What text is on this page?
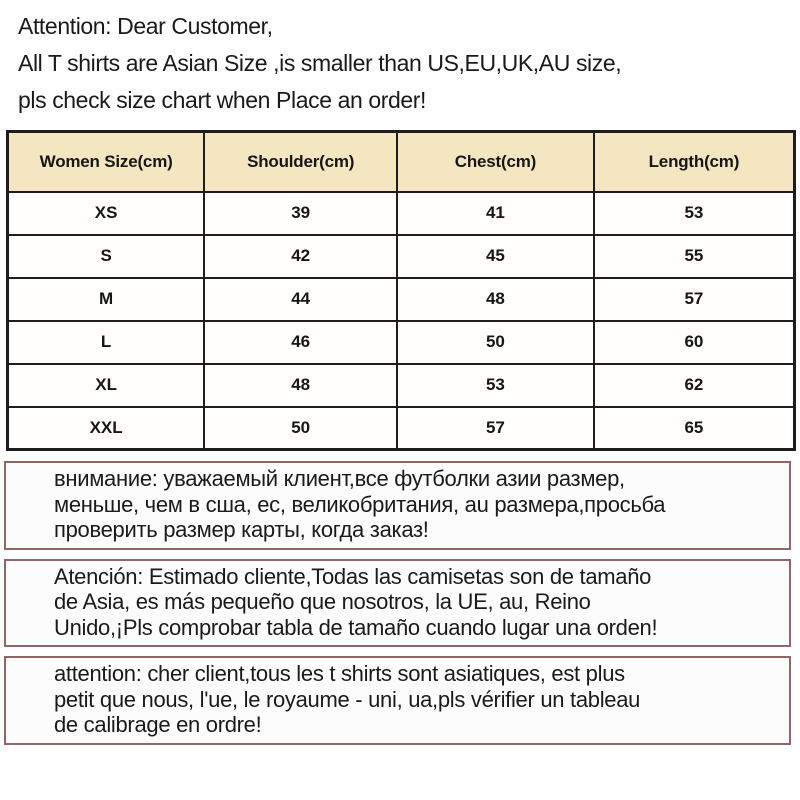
Attention: Dear Customer,
All T shirts are Asian Size ,is smaller than US,EU,UK,AU size,
pls check size chart when Place an order!
Women Size(cm)	Shoulder(cm)	Chest(cm)	Length(cm)
XS	39	41	53
S	42	45	55
M	44	48	57
L	46	50	60
XL	48	53	62
XXL	50	57	65
внимание: уважаемый клиент,все футболки азии размер,
меньше, чем в сша, ес, великобритания, au размера,просьба
проверить размер карты, когда заказ!
Atención: Estimado cliente,Todas las camisetas son de tamaño
de Asia, es más pequeño que nosotros, la UE, au, Reino
Unido,¡Pls comprobar tabla de tamaño cuando lugar una orden!
attention: cher client,tous les t shirts sont asiatiques, est plus
petit que nous, l'ue, le royaume - uni, ua,pls vérifier un tableau
de calibrage en ordre!
